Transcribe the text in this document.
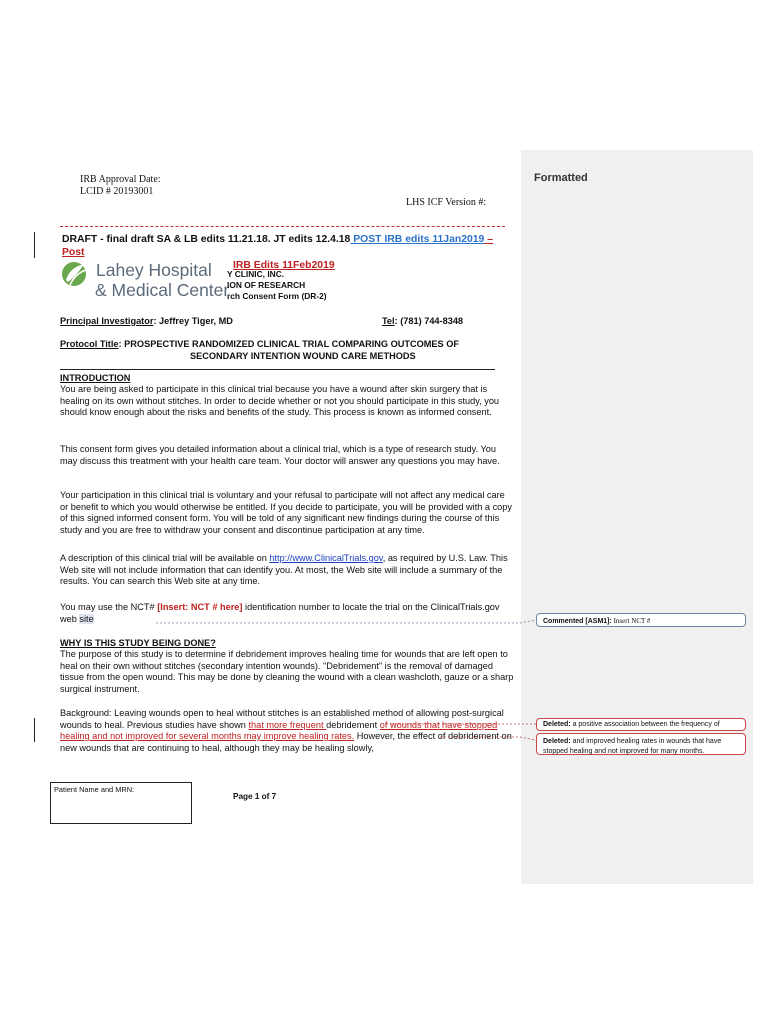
Formatted
IRB Approval Date:
LCID # 20193001
LHS ICF Version #:
DRAFT - final draft SA & LB edits 11.21.18. JT edits 12.4.18 POST IRB edits 11Jan2019 – Post
IRB Edits 11Feb2019
Lahey Hospital
& Medical Center
Y CLINIC, INC.
ION OF RESEARCH
rch Consent Form (DR-2)
Principal Investigator: Jeffrey Tiger, MD	Tel: (781) 744-8348
Protocol Title: PROSPECTIVE RANDOMIZED CLINICAL TRIAL COMPARING OUTCOMES OF
SECONDARY INTENTION WOUND CARE METHODS
INTRODUCTION
You are being asked to participate in this clinical trial because you have a wound after skin surgery that is healing on its own without stitches. In order to decide whether or not you should participate in this study, you should know enough about the risks and benefits of the study. This process is known as informed consent.
This consent form gives you detailed information about a clinical trial, which is a type of research study. You may discuss this treatment with your health care team. Your doctor will answer any questions you may have.
Your participation in this clinical trial is voluntary and your refusal to participate will not affect any medical care or benefit to which you would otherwise be entitled. If you decide to participate, you will be provided with a copy of this signed informed consent form. You will be told of any significant new findings during the course of this study and you are free to withdraw your consent and discontinue participation at any time.
A description of this clinical trial will be available on http://www.ClinicalTrials.gov, as required by U.S. Law. This Web site will not include information that can identify you. At most, the Web site will include a summary of the results. You can search this Web site at any time.
You may use the NCT# [Insert: NCT # here] identification number to locate the trial on the ClinicalTrials.gov web site
WHY IS THIS STUDY BEING DONE?
The purpose of this study is to determine if debridement improves healing time for wounds that are left open to heal on their own without stitches (secondary intention wounds). "Debridement" is the removal of damaged tissue from the open wound. This may be done by cleaning the wound with a clean washcloth, gauze or a sharp surgical instrument.
Background: Leaving wounds open to heal without stitches is an established method of allowing post-surgical wounds to heal. Previous studies have shown that more frequent debridement of wounds that have stopped healing and not improved for several months may improve healing rates. However, the effect of debridement on new wounds that are continuing to heal, although they may be healing slowly,
Patient Name and MRN:
Page 1 of 7
Commented [ASM1]: Insert NCT #
Deleted: a positive association between the frequency of
Deleted: and improved healing rates in wounds that have stopped healing and not improved for many months.
